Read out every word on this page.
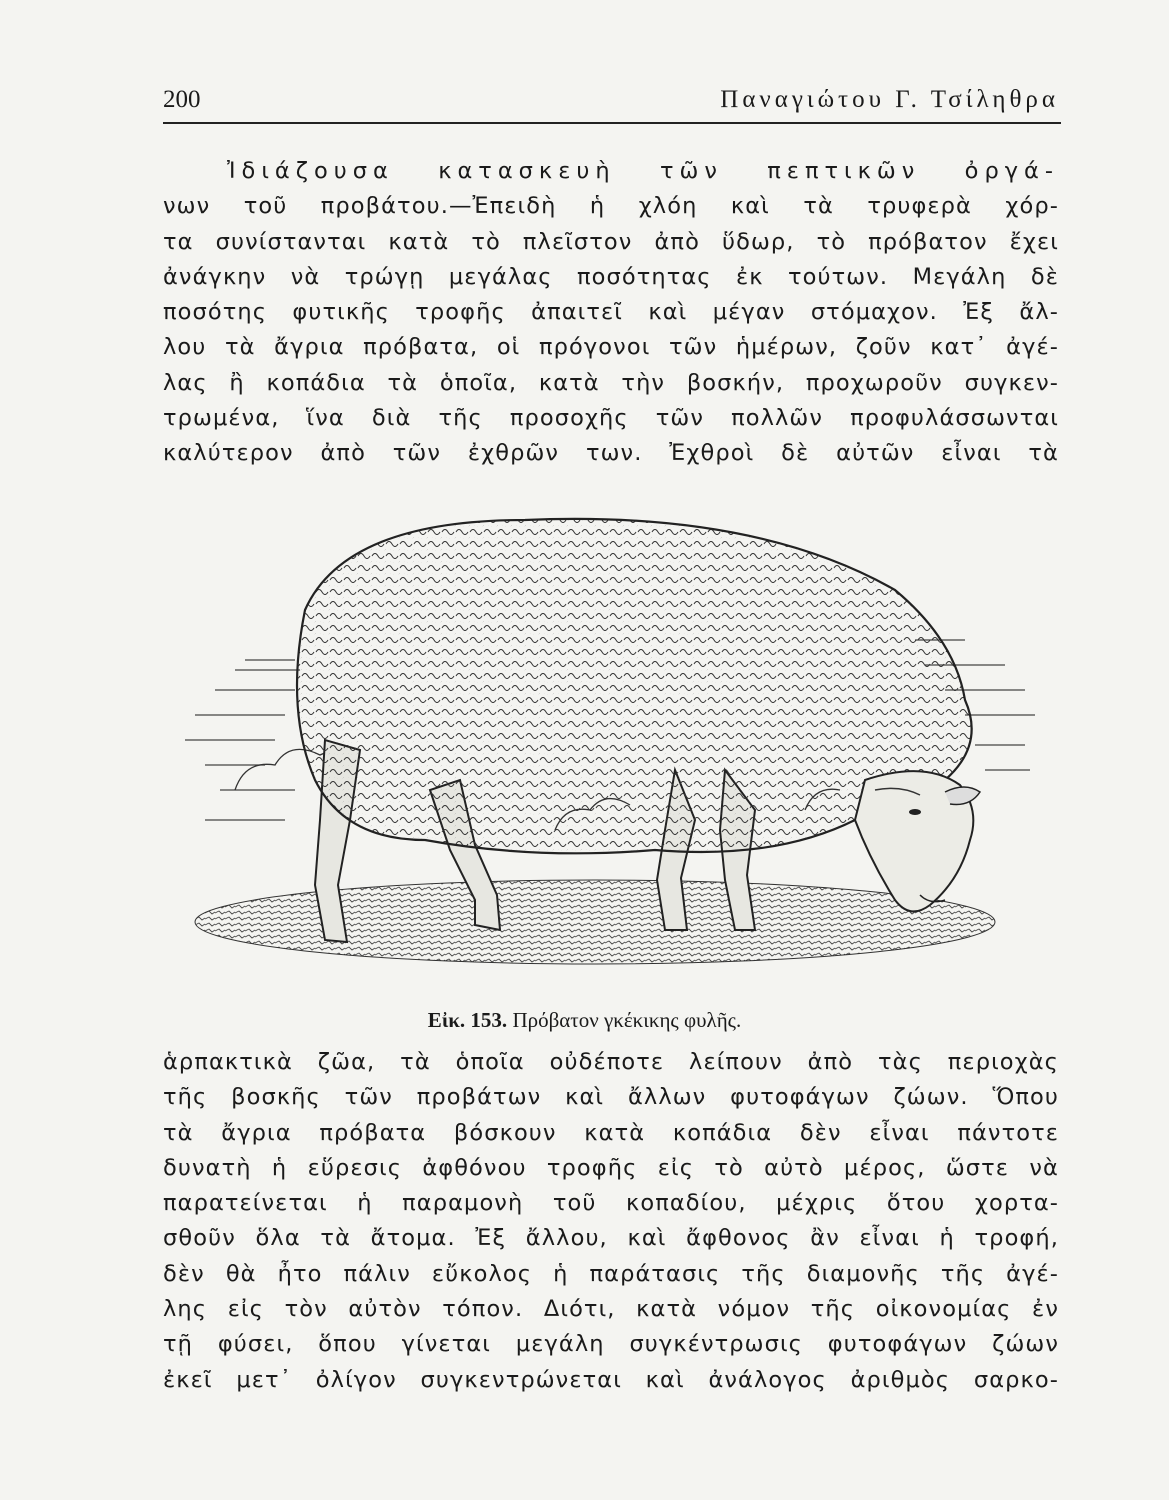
200	Παναγιώτου Γ. Τσίληθρα
Ἰδιάζουσα κατασκευὴ τῶν πεπτικῶν ὀργά-
νων τοῦ προβάτου.—Ἐπειδὴ ἡ χλόη καὶ τὰ τρυφερὰ χόρ-
τα συνίστανται κατὰ τὸ πλεῖστον ἀπὸ ὕδωρ, τὸ πρόβατον ἔχει
ἀνάγκην νὰ τρώγῃ μεγάλας ποσότητας ἐκ τούτων. Μεγάλη δὲ
ποσότης φυτικῆς τροφῆς ἀπαιτεῖ καὶ μέγαν στόμαχον. Ἐξ ἄλ-
λου τὰ ἄγρια πρόβατα, οἱ πρόγονοι τῶν ἡμέρων, ζοῦν κατ᾽ ἀγέ-
λας ἢ κοπάδια τὰ ὁποῖα, κατὰ τὴν βοσκήν, προχωροῦν συγκεν-
τρωμένα, ἵνα διὰ τῆς προσοχῆς τῶν πολλῶν προφυλάσσωνται
καλύτερον ἀπὸ τῶν ἐχθρῶν των. Ἐχθροὶ δὲ αὐτῶν εἶναι τὰ
Εἰκ. 153. Πρόβατον γκέκικης φυλῆς.
ἁρπακτικὰ ζῶα, τὰ ὁποῖα οὐδέποτε λείπουν ἀπὸ τὰς περιοχὰς
τῆς βοσκῆς τῶν προβάτων καὶ ἄλλων φυτοφάγων ζώων. Ὅπου
τὰ ἄγρια πρόβατα βόσκουν κατὰ κοπάδια δὲν εἶναι πάντοτε
δυνατὴ ἡ εὕρεσις ἀφθόνου τροφῆς εἰς τὸ αὐτὸ μέρος, ὥστε νὰ
παρατείνεται ἡ παραμονὴ τοῦ κοπαδίου, μέχρις ὅτου χορτα-
σθοῦν ὅλα τὰ ἄτομα. Ἐξ ἄλλου, καὶ ἄφθονος ἂν εἶναι ἡ τροφή,
δὲν θὰ ἦτο πάλιν εὔκολος ἡ παράτασις τῆς διαμονῆς τῆς ἀγέ-
λης εἰς τὸν αὐτὸν τόπον. Διότι, κατὰ νόμον τῆς οἰκονομίας ἐν
τῇ φύσει, ὅπου γίνεται μεγάλη συγκέντρωσις φυτοφάγων ζώων
ἐκεῖ μετ᾽ ὀλίγον συγκεντρώνεται καὶ ἀνάλογος ἀριθμὸς σαρκο-
